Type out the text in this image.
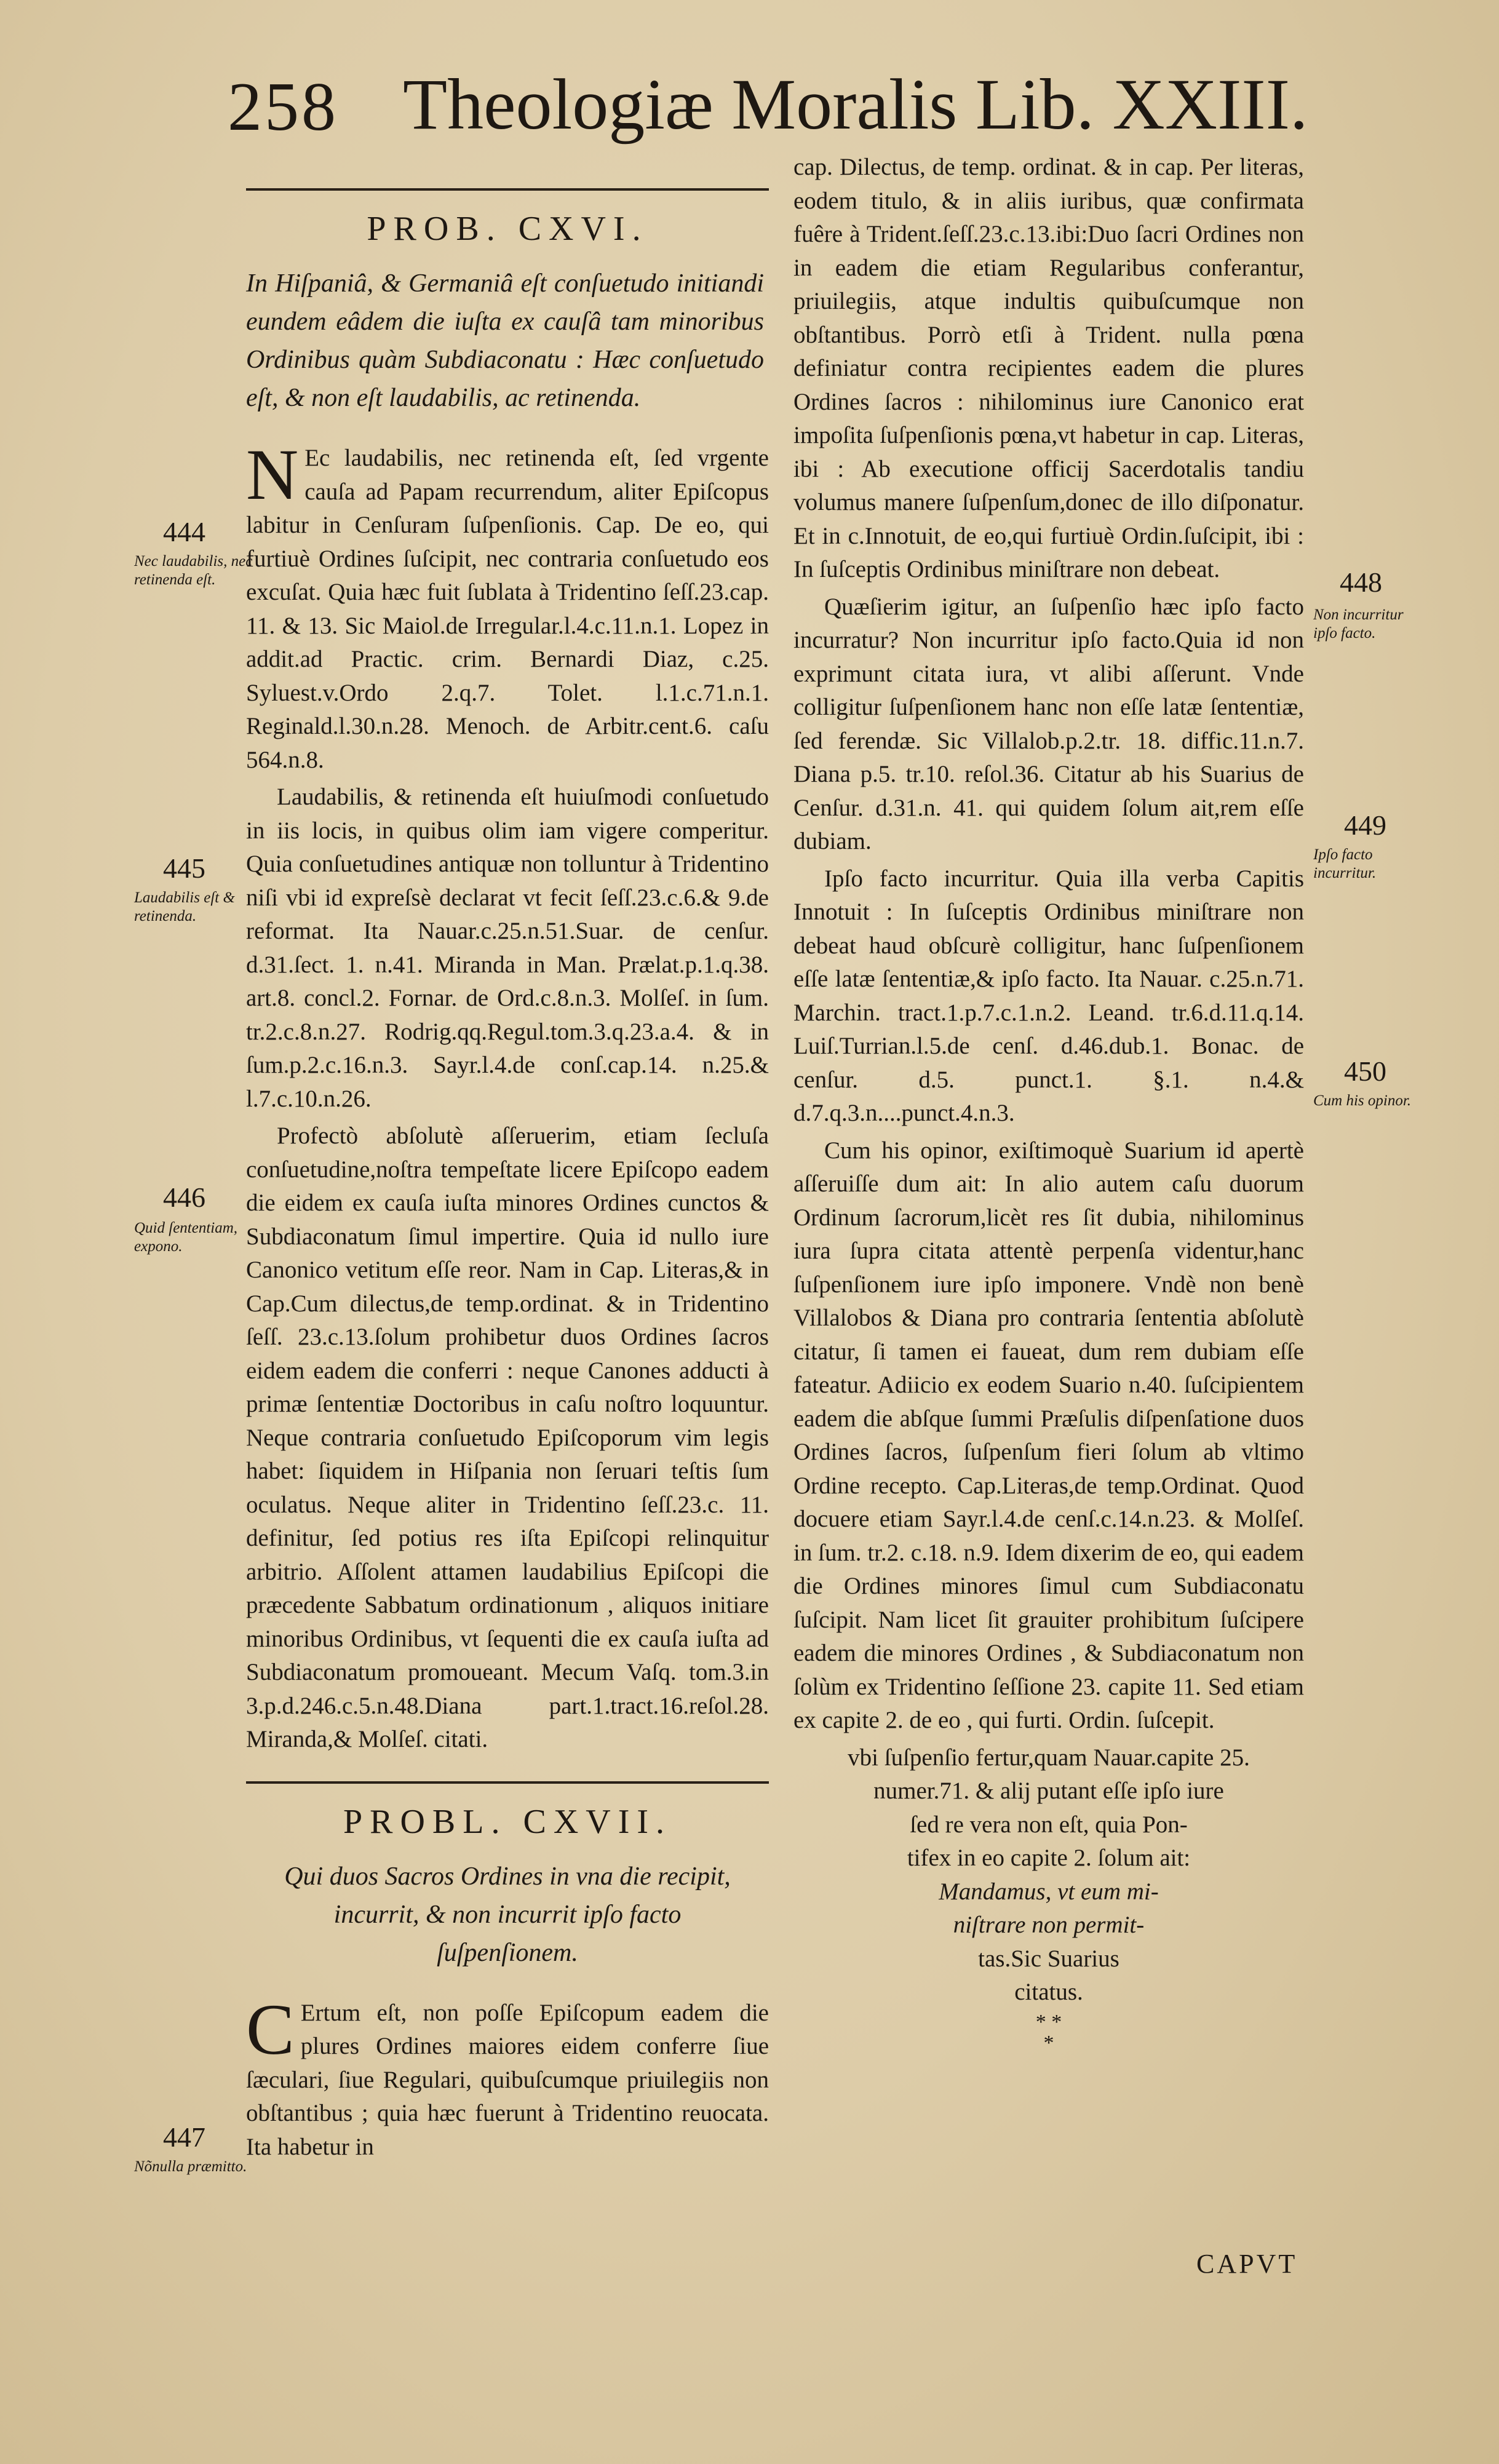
258 Theologiæ Moralis Lib. XXIII.
PROB. CXVI.
In Hiſpaniâ, & Germaniâ eſt conſuetudo initiandi eundem eâdem die iuſta ex cauſâ tam minoribus Ordinibus quàm Subdiaconatu : Hæc conſuetudo eſt, & non eſt laudabilis, ac retinenda.
N Ec laudabilis, nec retinenda eſt, ſed vrgente cauſa ad Papam recurrendum, aliter Epiſcopus labitur in Cenſuram ſuſpenſionis. Cap. De eo, qui furtiuè Ordines ſuſcipit, nec contraria conſuetudo eos excuſat. Quia hæc fuit ſublata à Tridentino ſeſſ.23.cap. 11. & 13. Sic Maiol.de Irregular.l.4.c.11.n.1. Lopez in addit.ad Practic. crim. Bernardi Diaz, c.25. Syluest.v.Ordo 2.q.7. Tolet. l.1.c.71.n.1. Reginald.l.30.n.28. Menoch. de Arbitr.cent.6. caſu 564.n.8.
Laudabilis, & retinenda eſt huiuſmodi conſuetudo in iis locis, in quibus olim iam vigere comperitur. Quia conſuetudines antiquæ non tolluntur à Tridentino niſi vbi id expreſsè declarat vt fecit ſeſſ.23.c.6.& 9.de reformat. Ita Nauar.c.25.n.51.Suar. de cenſur. d.31.ſect. 1. n.41. Miranda in Man. Prælat.p.1.q.38. art.8. concl.2. Fornar. de Ord.c.8.n.3. Molſeſ. in ſum. tr.2.c.8.n.27. Rodrig.qq.Regul.tom.3.q.23.a.4. & in ſum.p.2.c.16.n.3. Sayr.l.4.de conſ.cap.14. n.25.& l.7.c.10.n.26.
Profectò abſolutè aſſeruerim, etiam ſecluſa conſuetudine,noſtra tempeſtate licere Epiſcopo eadem die eidem ex cauſa iuſta minores Ordines cunctos & Subdiaconatum ſimul impertire. Quia id nullo iure Canonico vetitum eſſe reor. Nam in Cap. Literas,& in Cap.Cum dilectus,de temp.ordinat. & in Tridentino ſeſſ. 23.c.13.ſolum prohibetur duos Ordines ſacros eidem eadem die conferri : neque Canones adducti à primæ ſententiæ Doctoribus in caſu noſtro loquuntur. Neque contraria conſuetudo Epiſcoporum vim legis habet: ſiquidem in Hiſpania non ſeruari teſtis ſum oculatus. Neque aliter in Tridentino ſeſſ.23.c. 11. definitur, ſed potius res iſta Epiſcopi relinquitur arbitrio. Aſſolent attamen laudabilius Epiſcopi die præcedente Sabbatum ordinationum , aliquos initiare minoribus Ordinibus, vt ſequenti die ex cauſa iuſta ad Subdiaconatum promoueant. Mecum Vaſq. tom.3.in 3.p.d.246.c.5.n.48.Diana part.1.tract.16.reſol.28. Miranda,& Molſeſ. citati.
PROBL. CXVII.
Qui duos Sacros Ordines in vna die recipit, incurrit, & non incurrit ipſo facto ſuſpenſionem.
C Ertum eſt, non poſſe Epiſcopum eadem die plures Ordines maiores eidem conferre ſiue ſæculari, ſiue Regulari, quibuſcumque priuilegiis non obſtantibus ; quia hæc fuerunt à Tridentino reuocata. Ita habetur in
444
Nec laudabilis, nec retinenda eſt.
445
Laudabilis eſt & retinenda.
446
Quid ſententiam, expono.
447
Nõnulla præmitto.
cap. Dilectus, de temp. ordinat. & in cap. Per literas, eodem titulo, & in aliis iuribus, quæ confirmata fuêre à Trident.ſeſſ.23.c.13.ibi:Duo ſacri Ordines non in eadem die etiam Regularibus conferantur, priuilegiis, atque indultis quibuſcumque non obſtantibus. Porrò etſi à Trident. nulla pœna definiatur contra recipientes eadem die plures Ordines ſacros : nihilominus iure Canonico erat impoſita ſuſpenſionis pœna,vt habetur in cap. Literas, ibi : Ab executione officij Sacerdotalis tandiu volumus manere ſuſpenſum,donec de illo diſponatur. Et in c.Innotuit, de eo,qui furtiuè Ordin.ſuſcipit, ibi : In ſuſceptis Ordinibus miniſtrare non debeat.
Quæſierim igitur, an ſuſpenſio hæc ipſo facto incurratur? Non incurritur ipſo facto.Quia id non exprimunt citata iura, vt alibi aſſerunt. Vnde colligitur ſuſpenſionem hanc non eſſe latæ ſententiæ, ſed ferendæ. Sic Villalob.p.2.tr. 18. diffic.11.n.7. Diana p.5. tr.10. reſol.36. Citatur ab his Suarius de Cenſur. d.31.n. 41. qui quidem ſolum ait,rem eſſe dubiam.
Ipſo facto incurritur. Quia illa verba Capitis Innotuit : In ſuſceptis Ordinibus miniſtrare non debeat haud obſcurè colligitur, hanc ſuſpenſionem eſſe latæ ſententiæ,& ipſo facto. Ita Nauar. c.25.n.71. Marchin. tract.1.p.7.c.1.n.2. Leand. tr.6.d.11.q.14. Luiſ.Turrian.l.5.de cenſ. d.46.dub.1. Bonac. de cenſur. d.5. punct.1. §.1. n.4.& d.7.q.3.n....punct.4.n.3.
Cum his opinor, exiſtimoquè Suarium id apertè aſſeruiſſe dum ait: In alio autem caſu duorum Ordinum ſacrorum,licèt res ſit dubia, nihilominus iura ſupra citata attentè perpenſa videntur,hanc ſuſpenſionem iure ipſo imponere. Vndè non benè Villalobos & Diana pro contraria ſententia abſolutè citatur, ſi tamen ei faueat, dum rem dubiam eſſe fateatur. Adiicio ex eodem Suario n.40. ſuſcipientem eadem die abſque ſummi Præſulis diſpenſatione duos Ordines ſacros, ſuſpenſum fieri ſolum ab vltimo Ordine recepto. Cap.Literas,de temp.Ordinat. Quod docuere etiam Sayr.l.4.de cenſ.c.14.n.23. & Molſeſ. in ſum. tr.2. c.18. n.9. Idem dixerim de eo, qui eadem die Ordines minores ſimul cum Subdiaconatu ſuſcipit. Nam licet ſit grauiter prohibitum ſuſcipere eadem die minores Ordines , & Subdiaconatum non ſolùm ex Tridentino ſeſſione 23. capite 11. Sed etiam ex capite 2. de eo , qui furti. Ordin. ſuſcepit.
vbi ſuſpenſio fertur,quam Nauar.capite 25.
numer.71. & alij putant eſſe ipſo iure
ſed re vera non eſt, quia Pon-
tifex in eo capite 2. ſolum ait:
Mandamus, vt eum mi-
niſtrare non permit-
tas.Sic Suarius
citatus.
* *
*
448
Non incurritur ipſo facto.
449
Ipſo facto incurritur.
450
Cum his opinor.
CAPVT
